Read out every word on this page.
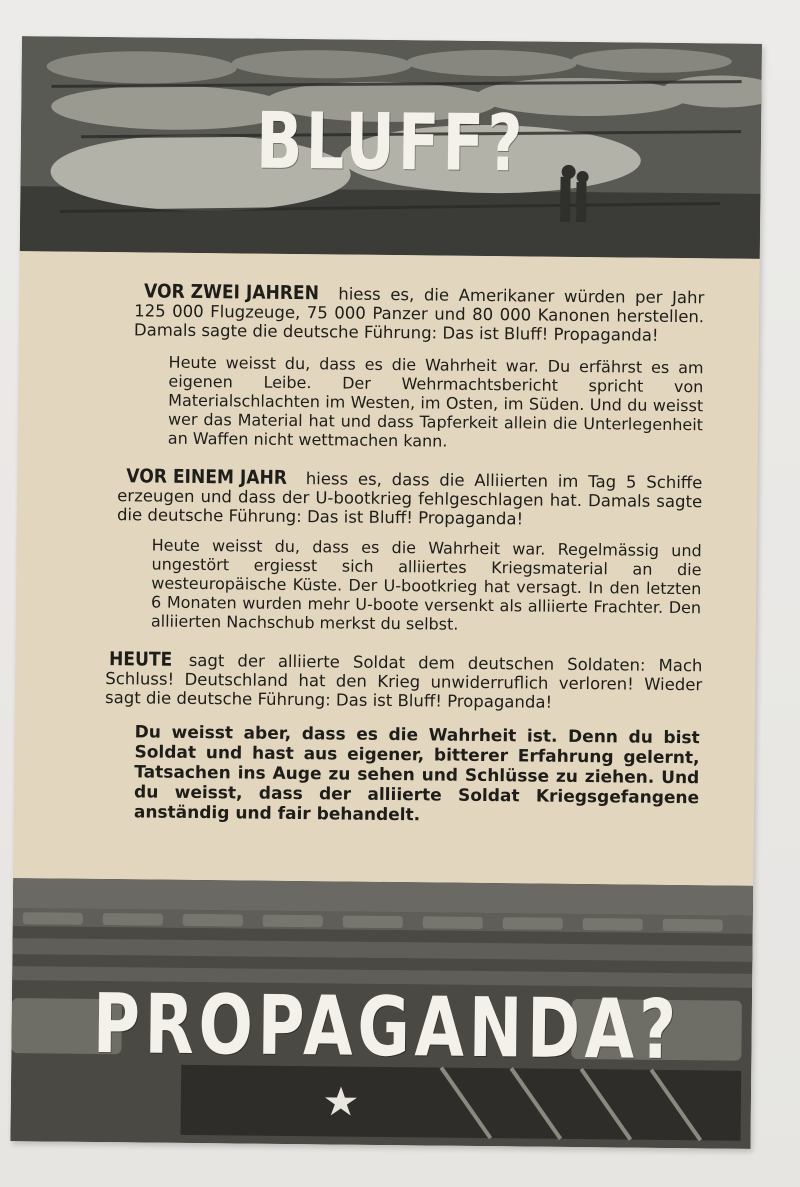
BLUFF?
VOR ZWEI JAHREN hiess es, die Amerikaner würden per Jahr 125 000 Flugzeuge, 75 000 Panzer und 80 000 Kanonen herstellen. Damals sagte die deutsche Führung: Das ist Bluff! Propaganda!
Heute weisst du, dass es die Wahrheit war. Du erfährst es am eigenen Leibe. Der Wehrmachtsbericht spricht von Materialschlachten im Westen, im Osten, im Süden. Und du weisst wer das Material hat und dass Tapferkeit allein die Unterlegenheit an Waffen nicht wettmachen kann.
VOR EINEM JAHR hiess es, dass die Alliierten im Tag 5 Schiffe erzeugen und dass der U-bootkrieg fehlgeschlagen hat. Damals sagte die deutsche Führung: Das ist Bluff! Propaganda!
Heute weisst du, dass es die Wahrheit war. Regelmässig und ungestört ergiesst sich alliiertes Kriegsmaterial an die westeuropäische Küste. Der U-bootkrieg hat versagt. In den letzten 6 Monaten wurden mehr U-boote versenkt als alliierte Frachter. Den alliierten Nachschub merkst du selbst.
HEUTE sagt der alliierte Soldat dem deutschen Soldaten: Mach Schluss! Deutschland hat den Krieg unwiderruflich verloren! Wieder sagt die deutsche Führung: Das ist Bluff! Propaganda!
Du weisst aber, dass es die Wahrheit ist. Denn du bist Soldat und hast aus eigener, bitterer Erfahrung gelernt, Tatsachen ins Auge zu sehen und Schlüsse zu ziehen. Und du weisst, dass der alliierte Soldat Kriegsgefangene anständig und fair behandelt.
PROPAGANDA?
